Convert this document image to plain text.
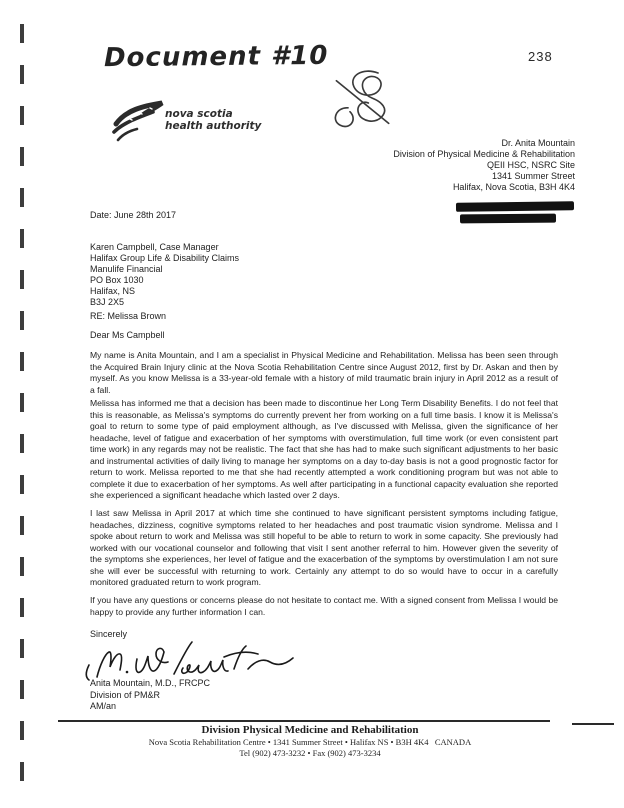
Document #10	238
nova scotia
health authority
Dr. Anita Mountain
Division of Physical Medicine & Rehabilitation
QEII HSC, NSRC Site
1341 Summer Street
Halifax, Nova Scotia, B3H 4K4
Date: June 28th 2017
Karen Campbell, Case Manager
Halifax Group Life & Disability Claims
Manulife Financial
PO Box 1030
Halifax, NS
B3J 2X5
RE: Melissa Brown
Dear Ms Campbell
My name is Anita Mountain, and I am a specialist in Physical Medicine and Rehabilitation. Melissa has been seen through the Acquired Brain Injury clinic at the Nova Scotia Rehabilitation Centre since August 2012, first by Dr. Askan and then by myself. As you know Melissa is a 33-year-old female with a history of mild traumatic brain injury in April 2012 as a result of a fall.
Melissa has informed me that a decision has been made to discontinue her Long Term Disability Benefits. I do not feel that this is reasonable, as Melissa's symptoms do currently prevent her from working on a full time basis. I know it is Melissa's goal to return to some type of paid employment although, as I've discussed with Melissa, given the significance of her headache, level of fatigue and exacerbation of her symptoms with overstimulation, full time work (or even consistent part time work) in any regards may not be realistic. The fact that she has had to make such significant adjustments to her basic and instrumental activities of daily living to manage her symptoms on a day to-day basis is not a good prognostic factor for return to work. Melissa reported to me that she had recently attempted a work conditioning program but was not able to complete it due to exacerbation of her symptoms. As well after participating in a functional capacity evaluation she reported she experienced a significant headache which lasted over 2 days.
I last saw Melissa in April 2017 at which time she continued to have significant persistent symptoms including fatigue, headaches, dizziness, cognitive symptoms related to her headaches and post traumatic vision syndrome. Melissa and I spoke about return to work and Melissa was still hopeful to be able to return to work in some capacity. She previously had worked with our vocational counselor and following that visit I sent another referral to him. However given the severity of the symptoms she experiences, her level of fatigue and the exacerbation of the symptoms by overstimulation I am not sure she will ever be successful with returning to work. Certainly any attempt to do so would have to occur in a carefully monitored graduated return to work program.
If you have any questions or concerns please do not hesitate to contact me. With a signed consent from Melissa I would be happy to provide any further information I can.
Sincerely
Anita Mountain, M.D., FRCPC
Division of PM&R
AM/an
Division Physical Medicine and Rehabilitation
Nova Scotia Rehabilitation Centre • 1341 Summer Street • Halifax NS • B3H 4K4   CANADA
Tel (902) 473-3232 • Fax (902) 473-3234
